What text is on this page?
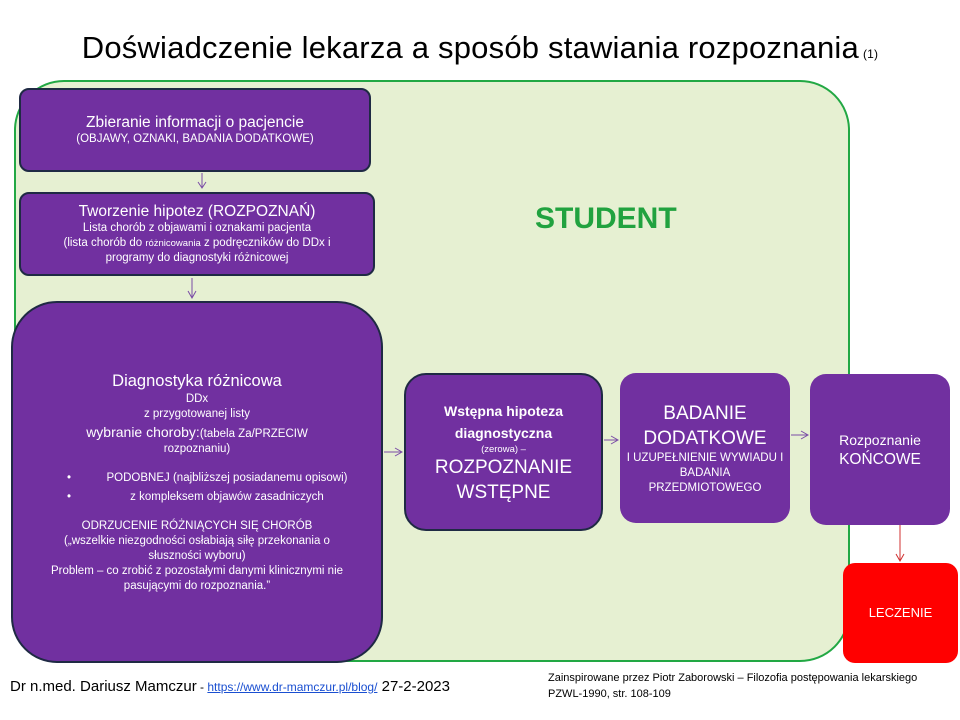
Doświadczenie lekarza a sposób stawiania rozpoznania (1)
STUDENT
Zbieranie informacji o pacjencie
(OBJAWY, OZNAKI, BADANIA DODATKOWE)
Tworzenie hipotez (ROZPOZNAŃ)
Lista chorób z objawami i oznakami pacjenta
(lista chorób do różnicowania z podręczników do DDx i
programy do diagnostyki różnicowej
Diagnostyka różnicowa
DDx
z przygotowanej listy
wybranie choroby:(tabela Za/PRZECIW
rozpoznaniu)
•	PODOBNEJ (najbliższej posiadanemu opisowi)
•	z kompleksem objawów zasadniczych
ODRZUCENIE RÓŻNIĄCYCH SIĘ CHORÓB
(„wszelkie niezgodności osłabiają siłę przekonania o słuszności wyboru)
Problem – co zrobić z pozostałymi danymi klinicznymi nie pasującymi do rozpoznania.”
Wstępna hipoteza diagnostyczna
(zerowa) –
ROZPOZNANIE WSTĘPNE
BADANIE DODATKOWE
I UZUPEŁNIENIE WYWIADU I BADANIA PRZEDMIOTOWEGO
Rozpoznanie
KOŃCOWE
LECZENIE
Dr n.med. Dariusz Mamczur - https://www.dr-mamczur.pl/blog/ 27-2-2023	Zainspirowane przez Piotr Zaborowski – Filozofia postępowania lekarskiego PZWL-1990, str. 108-109
